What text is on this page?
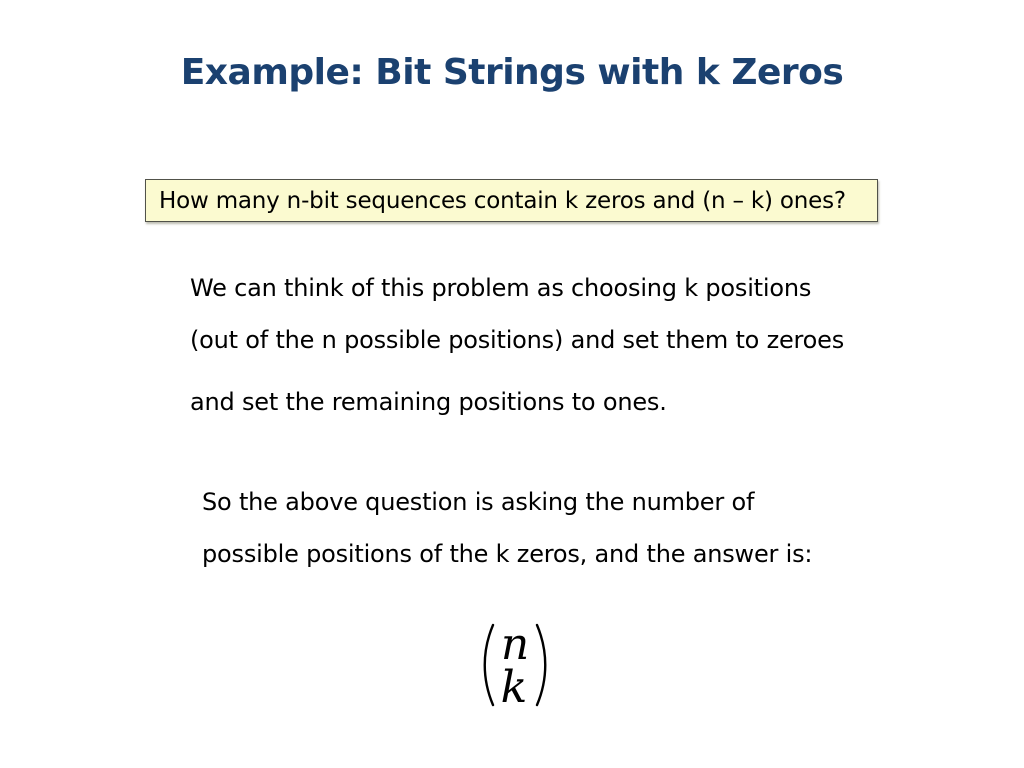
Example: Bit Strings with k Zeros
How many n-bit sequences contain k zeros and (n – k) ones?
We can think of this problem as choosing k positions
(out of the n possible positions) and set them to zeroes
and set the remaining positions to ones.
So the above question is asking the number of
possible positions of the k zeros, and the answer is:
n
k
